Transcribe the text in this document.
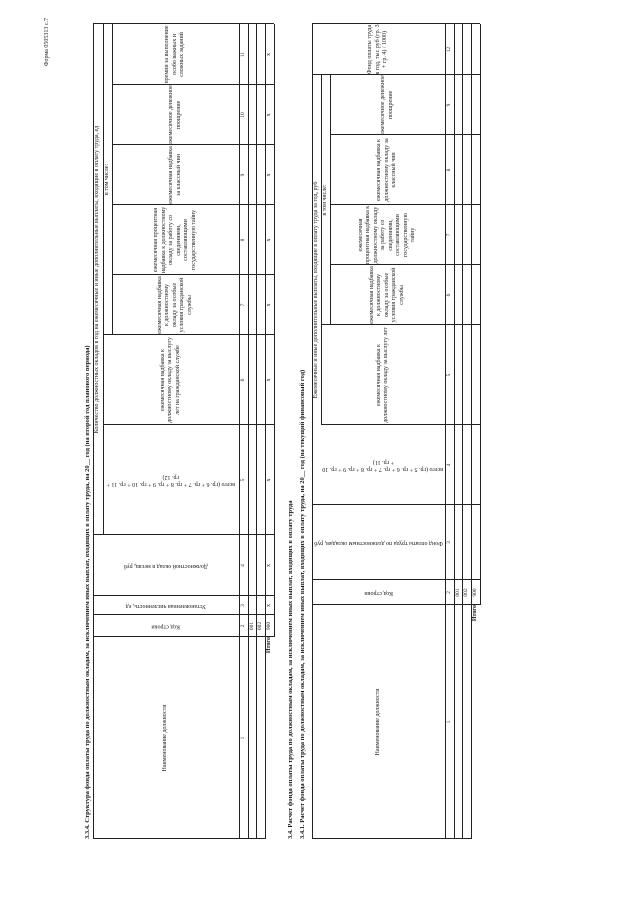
Форма 0505313 с.7
3.3.4. Структура фонда оплаты труда по должностным окладам, за исключением иных выплат, входящих в оплату труда, на 20__ год (на второй год планового периода)	Наименование должности
Код строки
Установленная численность, ед
Должностной оклад в месяц, руб
Количество должностных окладов в год на ежемесячные и иные дополнительные выплаты, входящие в оплату труда, ед
всего (гр. 6 + гр. 7 + гр. 8 + гр. 9 + гр. 10 + гр. 11 + гр. 12)
ежемесячная надбавка к должностному окладу за выслугу лет на гражданской службе
в том числе:
ежемесячная надбавка к должностному окладу за особые условия гражданской службы
ежемесячная процентная надбавка к должностному окладу за работу со сведениями, составляющими государственную тайну
ежемесячная надбавка за классный чин
ежемесячное денежное поощрение
премии за выполнение особо важных и сложных заданий
1
2
3
4
5
6
7
8
9
10
11
001 002 900
Итого
х
х
х
х
х
х
х
х
х
3.4. Расчет фонда оплаты труда по должностным окладам, за исключением иных выплат, входящих в оплату труда 3.4.1. Расчет фонда оплаты труда по должностным окладам, за исключением иных выплат, входящих в оплату труда, на 20__ год (на текущий финансовый год)	Наименование должности
Код строки
Фонд оплаты труда по должностным окладам, руб
Ежемесячные и иные дополнительные выплаты, входящие в оплату труда за год, руб
всего (гр. 5 + гр. 6 + гр. 7 + гр. 8 + гр. 9 + гр. 10 + гр. 11)
ежемесячная надбавка к должностному окладу за выслугу лет
в том числе:
ежемесячная надбавка к должностному окладу за особые условия гражданской службы
ежемесячная процентная надбавка к должностному окладу за работу со сведениями, составляющими государственную тайну
ежемесячная надбавка к должностному окладу за классный чин
ежемесячное денежное поощрение
Фонд оплаты труда в год, тыс руб (гр. 3 + гр. 4) / 1000)
1
2
3
4
5
6
7
8
9
12
001 002 900
Итого
